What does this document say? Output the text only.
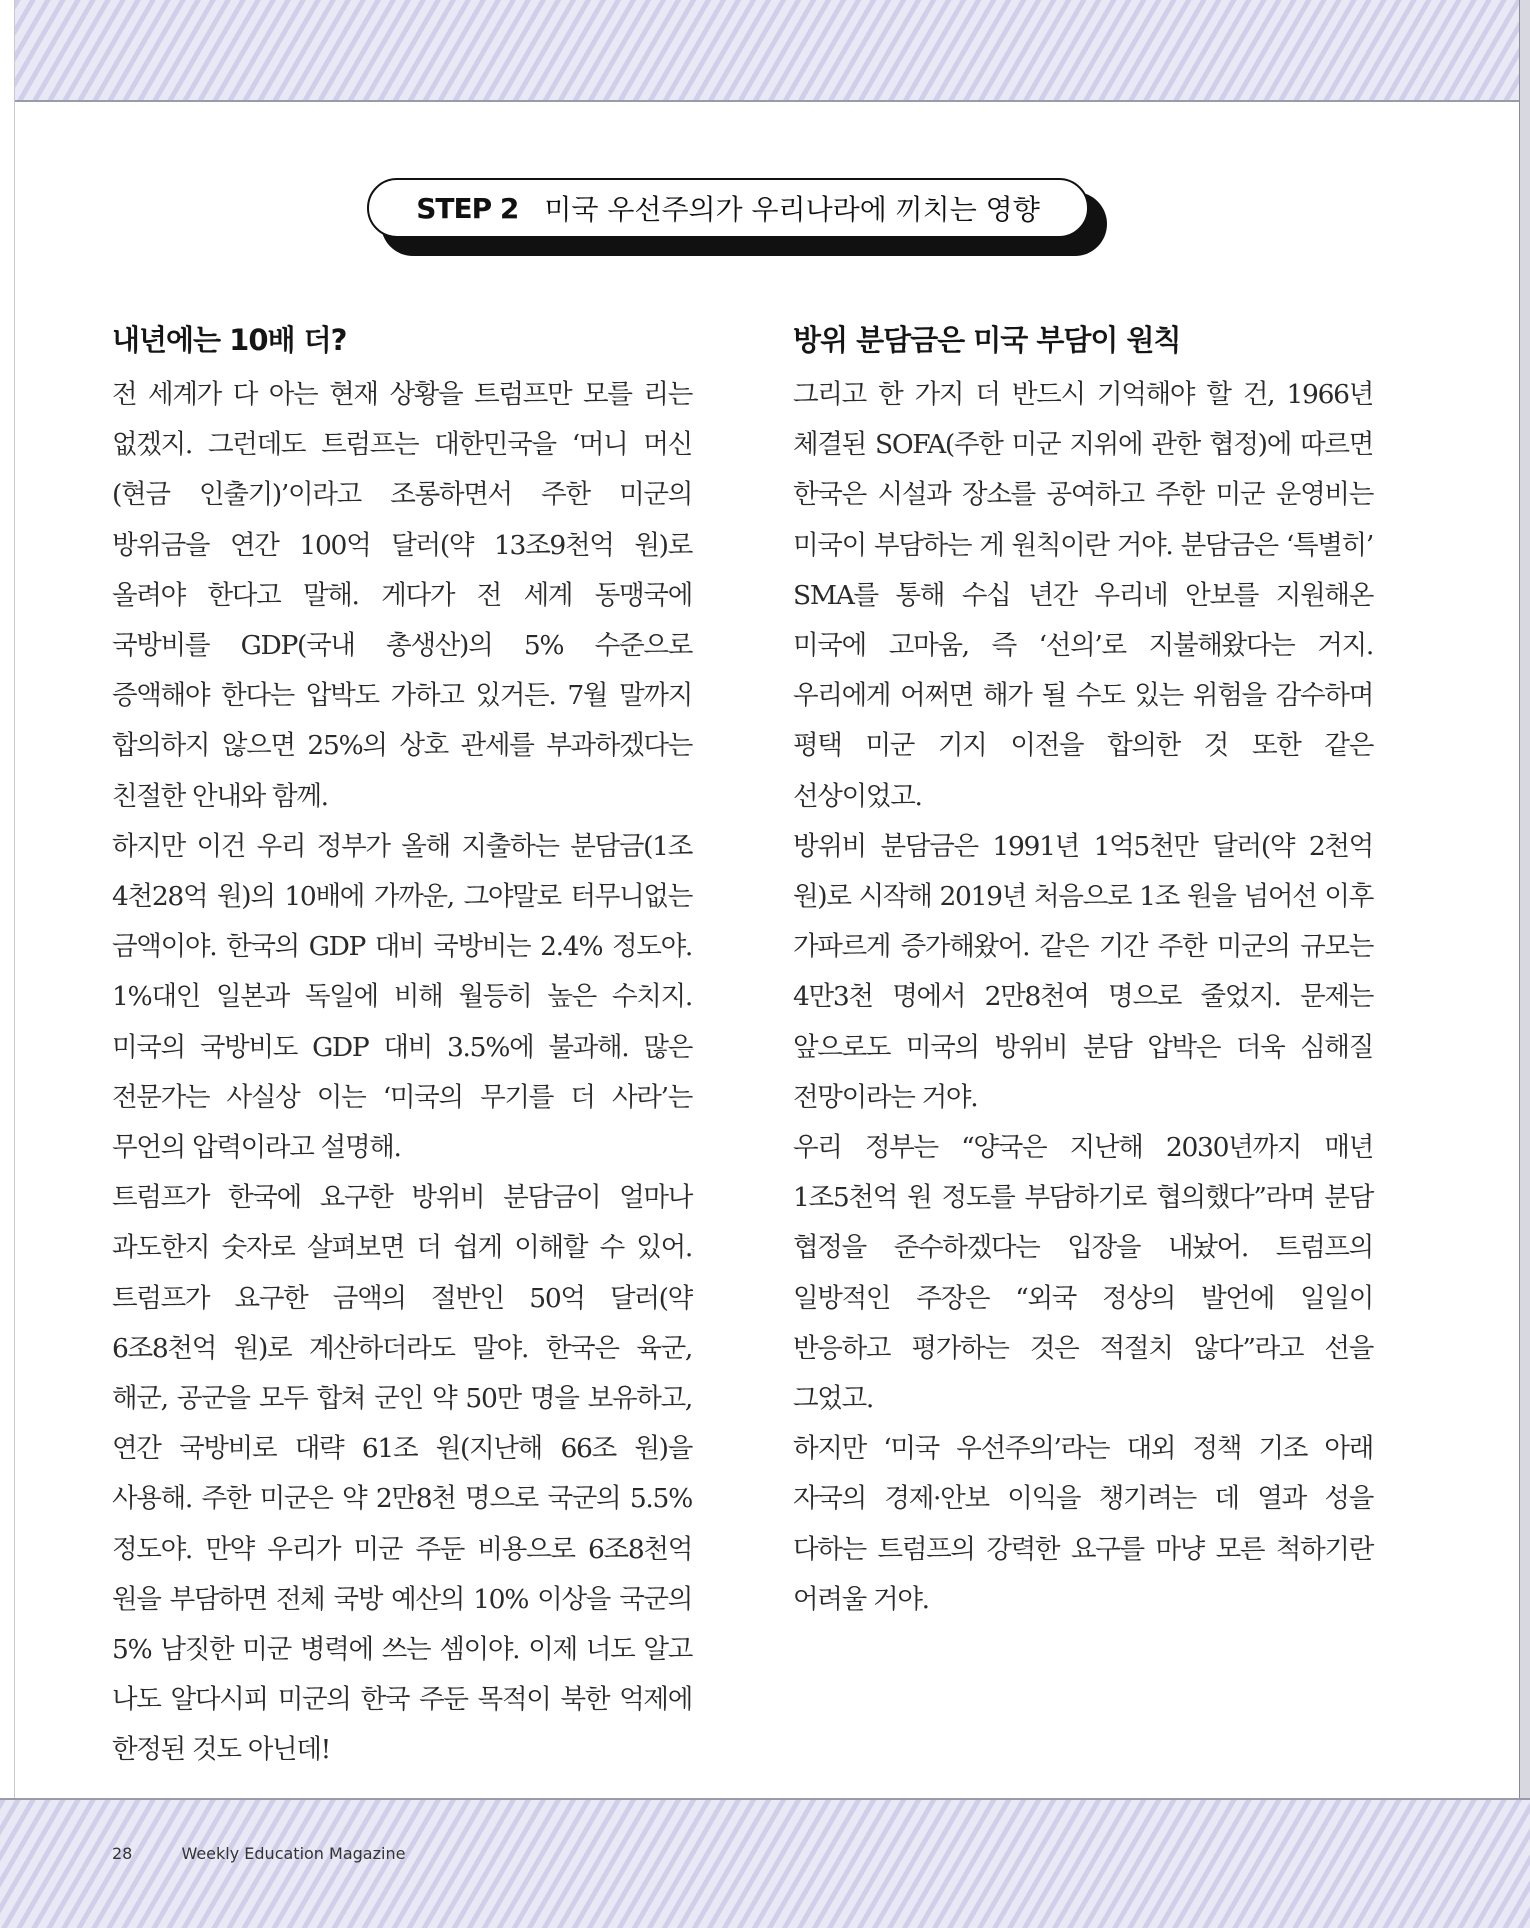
STEP 2 미국 우선주의가 우리나라에 끼치는 영향
내년에는 10배 더?

전 세계가 다 아는 현재 상황을 트럼프만 모를 리는 없겠지. 그런데도 트럼프는 대한민국을 ‘머니 머신(현금 인출기)’이라고 조롱하면서 주한 미군의 방위금을 연간 100억 달러(약 13조9천억 원)로 올려야 한다고 말해. 게다가 전 세계 동맹국에 국방비를 GDP(국내 총생산)의 5% 수준으로 증액해야 한다는 압박도 가하고 있거든. 7월 말까지 합의하지 않으면 25%의 상호 관세를 부과하겠다는 친절한 안내와 함께.

하지만 이건 우리 정부가 올해 지출하는 분담금(1조 4천28억 원)의 10배에 가까운, 그야말로 터무니없는 금액이야. 한국의 GDP 대비 국방비는 2.4% 정도야. 1%대인 일본과 독일에 비해 월등히 높은 수치지. 미국의 국방비도 GDP 대비 3.5%에 불과해. 많은 전문가는 사실상 이는 ‘미국의 무기를 더 사라’는 무언의 압력이라고 설명해.

트럼프가 한국에 요구한 방위비 분담금이 얼마나 과도한지 숫자로 살펴보면 더 쉽게 이해할 수 있어. 트럼프가 요구한 금액의 절반인 50억 달러(약 6조8천억 원)로 계산하더라도 말야. 한국은 육군, 해군, 공군을 모두 합쳐 군인 약 50만 명을 보유하고, 연간 국방비로 대략 61조 원(지난해 66조 원)을 사용해. 주한 미군은 약 2만8천 명으로 국군의 5.5% 정도야. 만약 우리가 미군 주둔 비용으로 6조8천억 원을 부담하면 전체 국방 예산의 10% 이상을 국군의 5% 남짓한 미군 병력에 쓰는 셈이야. 이제 너도 알고 나도 알다시피 미군의 한국 주둔 목적이 북한 억제에 한정된 것도 아닌데!

방위 분담금은 미국 부담이 원칙

그리고 한 가지 더 반드시 기억해야 할 건, 1966년 체결된 SOFA(주한 미군 지위에 관한 협정)에 따르면 한국은 시설과 장소를 공여하고 주한 미군 운영비는 미국이 부담하는 게 원칙이란 거야. 분담금은 ‘특별히’ SMA를 통해 수십 년간 우리네 안보를 지원해온 미국에 고마움, 즉 ‘선의’로 지불해왔다는 거지. 우리에게 어쩌면 해가 될 수도 있는 위험을 감수하며 평택 미군 기지 이전을 합의한 것 또한 같은 선상이었고.

방위비 분담금은 1991년 1억5천만 달러(약 2천억 원)로 시작해 2019년 처음으로 1조 원을 넘어선 이후 가파르게 증가해왔어. 같은 기간 주한 미군의 규모는 4만3천 명에서 2만8천여 명으로 줄었지. 문제는 앞으로도 미국의 방위비 분담 압박은 더욱 심해질 전망이라는 거야.

우리 정부는 “양국은 지난해 2030년까지 매년 1조5천억 원 정도를 부담하기로 협의했다”라며 분담 협정을 준수하겠다는 입장을 내놨어. 트럼프의 일방적인 주장은 “외국 정상의 발언에 일일이 반응하고 평가하는 것은 적절치 않다”라고 선을 그었고.

하지만 ‘미국 우선주의’라는 대외 정책 기조 아래 자국의 경제·안보 이익을 챙기려는 데 열과 성을 다하는 트럼프의 강력한 요구를 마냥 모른 척하기란 어려울 거야.

28	Weekly Education Magazine
